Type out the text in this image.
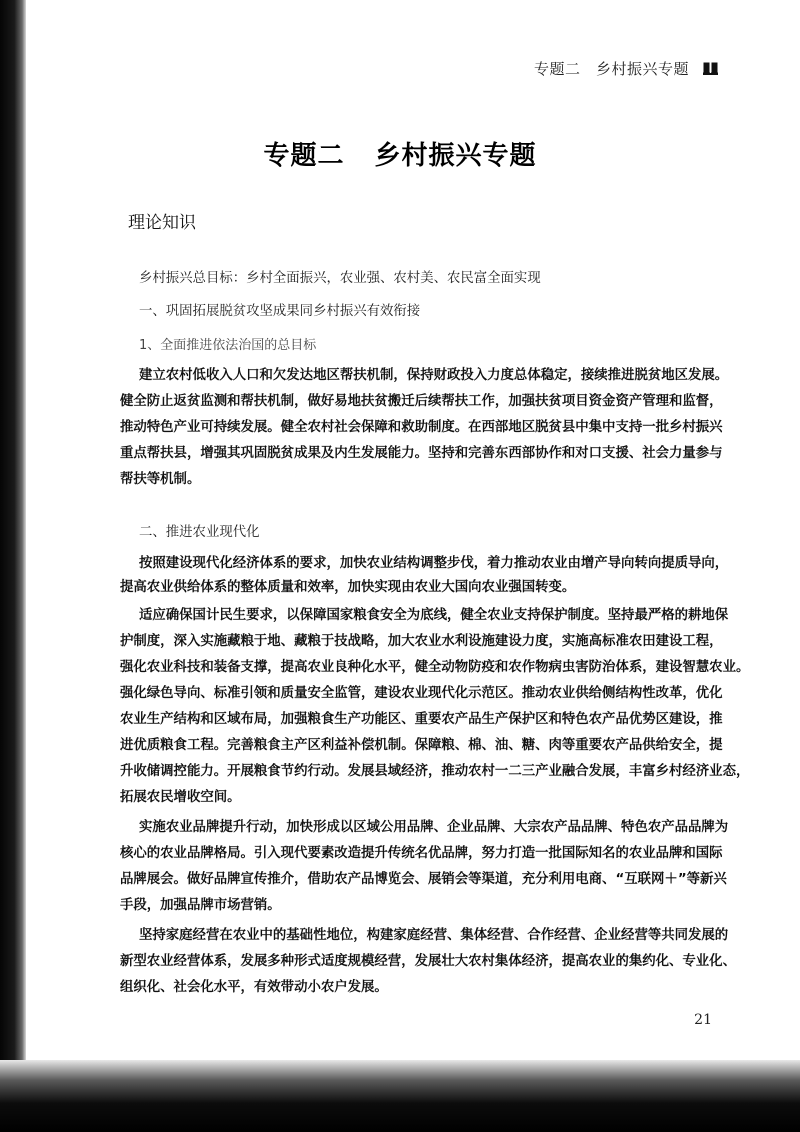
专题二　乡村振兴专题
专题二 乡村振兴专题
理论知识
乡村振兴总目标：乡村全面振兴，农业强、农村美、农民富全面实现
一、巩固拓展脱贫攻坚成果同乡村振兴有效衔接
1、全面推进依法治国的总目标
建立农村低收入人口和欠发达地区帮扶机制，保持财政投入力度总体稳定，接续推进脱贫地区发展。
健全防止返贫监测和帮扶机制，做好易地扶贫搬迁后续帮扶工作，加强扶贫项目资金资产管理和监督，
推动特色产业可持续发展。健全农村社会保障和救助制度。在西部地区脱贫县中集中支持一批乡村振兴
重点帮扶县，增强其巩固脱贫成果及内生发展能力。坚持和完善东西部协作和对口支援、社会力量参与
帮扶等机制。
二、推进农业现代化
按照建设现代化经济体系的要求，加快农业结构调整步伐，着力推动农业由增产导向转向提质导向，
提高农业供给体系的整体质量和效率，加快实现由农业大国向农业强国转变。
适应确保国计民生要求，以保障国家粮食安全为底线，健全农业支持保护制度。坚持最严格的耕地保
护制度，深入实施藏粮于地、藏粮于技战略，加大农业水利设施建设力度，实施高标准农田建设工程，
强化农业科技和装备支撑，提高农业良种化水平，健全动物防疫和农作物病虫害防治体系，建设智慧农业。
强化绿色导向、标准引领和质量安全监管，建设农业现代化示范区。推动农业供给侧结构性改革，优化
农业生产结构和区域布局，加强粮食生产功能区、重要农产品生产保护区和特色农产品优势区建设，推
进优质粮食工程。完善粮食主产区利益补偿机制。保障粮、棉、油、糖、肉等重要农产品供给安全，提
升收储调控能力。开展粮食节约行动。发展县域经济，推动农村一二三产业融合发展，丰富乡村经济业态，
拓展农民增收空间。
实施农业品牌提升行动，加快形成以区域公用品牌、企业品牌、大宗农产品品牌、特色农产品品牌为
核心的农业品牌格局。引入现代要素改造提升传统名优品牌，努力打造一批国际知名的农业品牌和国际
品牌展会。做好品牌宣传推介，借助农产品博览会、展销会等渠道，充分利用电商、“互联网＋”等新兴
手段，加强品牌市场营销。
坚持家庭经营在农业中的基础性地位，构建家庭经营、集体经营、合作经营、企业经营等共同发展的
新型农业经营体系，发展多种形式适度规模经营，发展壮大农村集体经济，提高农业的集约化、专业化、
组织化、社会化水平，有效带动小农户发展。
21
